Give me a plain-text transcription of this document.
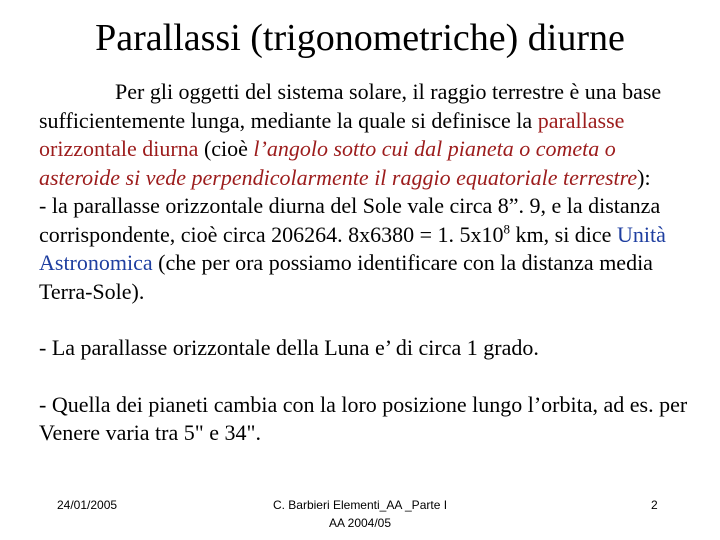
Parallassi (trigonometriche) diurne

Per gli oggetti del sistema solare, il raggio terrestre è una base sufficientemente lunga, mediante la quale si definisce la parallasse orizzontale diurna (cioè l’angolo sotto cui dal pianeta o cometa o asteroide si vede perpendicolarmente il raggio equatoriale terrestre):

- la parallasse orizzontale diurna del Sole vale circa 8”. 9, e la distanza corrispondente, cioè circa 206264. 8x6380 = 1. $5x10^8$ km, si dice Unità Astronomica (che per ora possiamo identificare con la distanza media Terra-Sole).

- La parallasse orizzontale della Luna e’ di circa 1 grado.

- Quella dei pianeti cambia con la loro posizione lungo l’orbita, ad es. per Venere varia tra 5" e 34".

24/01/2005	C. Barbieri Elementi_AA _Parte I
AA 2004/05
2
